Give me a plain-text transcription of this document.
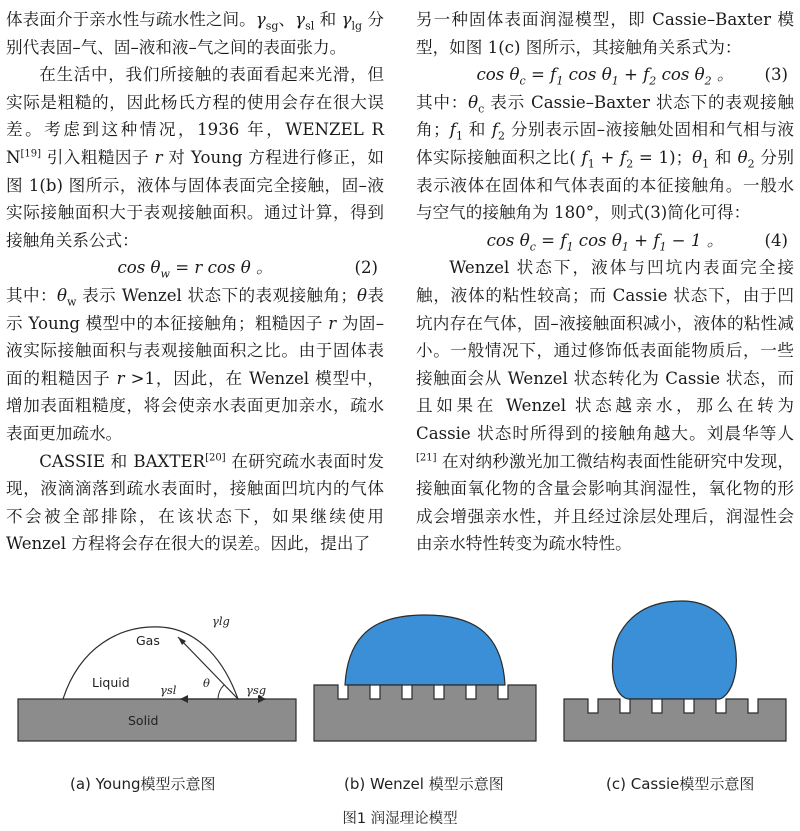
体表面介于亲水性与疏水性之间。$\gamma_{sg}$、$\gamma_{sl}$ 和 $\gamma_{lg}$ 分别代表固–气、固–液和液–气之间的表面张力。

在生活中，我们所接触的表面看起来光滑，但实际是粗糙的，因此杨氏方程的使用会存在很大误差。考虑到这种情况，1936 年，WENZEL R N[19] 引入粗糙因子 r 对 Young 方程进行修正，如图 1(b) 图所示，液体与固体表面完全接触，固–液实际接触面积大于表观接触面积。通过计算，得到接触角关系公式：

$\cos \theta_w = r$ cos θ 。	(2)

其中：$\theta_w$ 表示 Wenzel 状态下的表观接触角；θ表示 Young 模型中的本征接触角；粗糙因子 r 为固–液实际接触面积与表观接触面积之比。由于固体表面的粗糙因子 r >1，因此，在 Wenzel 模型中，增加表面粗糙度，将会使亲水表面更加亲水，疏水表面更加疏水。

CASSIE 和 BAXTER[20] 在研究疏水表面时发现，液滴滴落到疏水表面时，接触面凹坑内的气体不会被全部排除，在该状态下，如果继续使用 Wenzel 方程将会存在很大的误差。因此，提出了

另一种固体表面润湿模型，即 Cassie–Baxter 模型，如图 1(c) 图所示，其接触角关系式为：

$\cos \theta_c = f_1$ $\cos \theta_1 + f_2$ $\cos \theta_2$ 。	(3)

其中：$\theta_c$ 表示 Cassie–Baxter 状态下的表观接触角；$f_1$ 和 $f_2$ 分别表示固–液接触处固相和气相与液体实际接触面积之比( $f_1 + f_2 = 1$)；$\theta_1$ 和 $\theta_2$ 分别表示液体在固体和气体表面的本征接触角。一般水与空气的接触角为 180°，则式(3)简化可得：

$\cos \theta_c = f_1$ $\cos \theta_1 + f_1 - 1$ 。	(4)

Wenzel 状态下，液体与凹坑内表面完全接触，液体的粘性较高；而 Cassie 状态下，由于凹坑内存在气体，固–液接触面积减小，液体的粘性减小。一般情况下，通过修饰低表面能物质后，一些接触面会从 Wenzel 状态转化为 Cassie 状态，而且如果在 Wenzel 状态越亲水，那么在转为 Cassie 状态时所得到的接触角越大。刘晨华等人[21] 在对纳秒激光加工微结构表面性能研究中发现，接触面氧化物的含量会影响其润湿性，氧化物的形成会增强亲水性，并且经过涂层处理后，润湿性会由亲水特性转变为疏水特性。

Solid
Gas
Liquid
γlg
γsl	γsg
θ
(a) Young模型示意图	(b) Wenzel 模型示意图	(c) Cassie模型示意图
图1 润湿理论模型
